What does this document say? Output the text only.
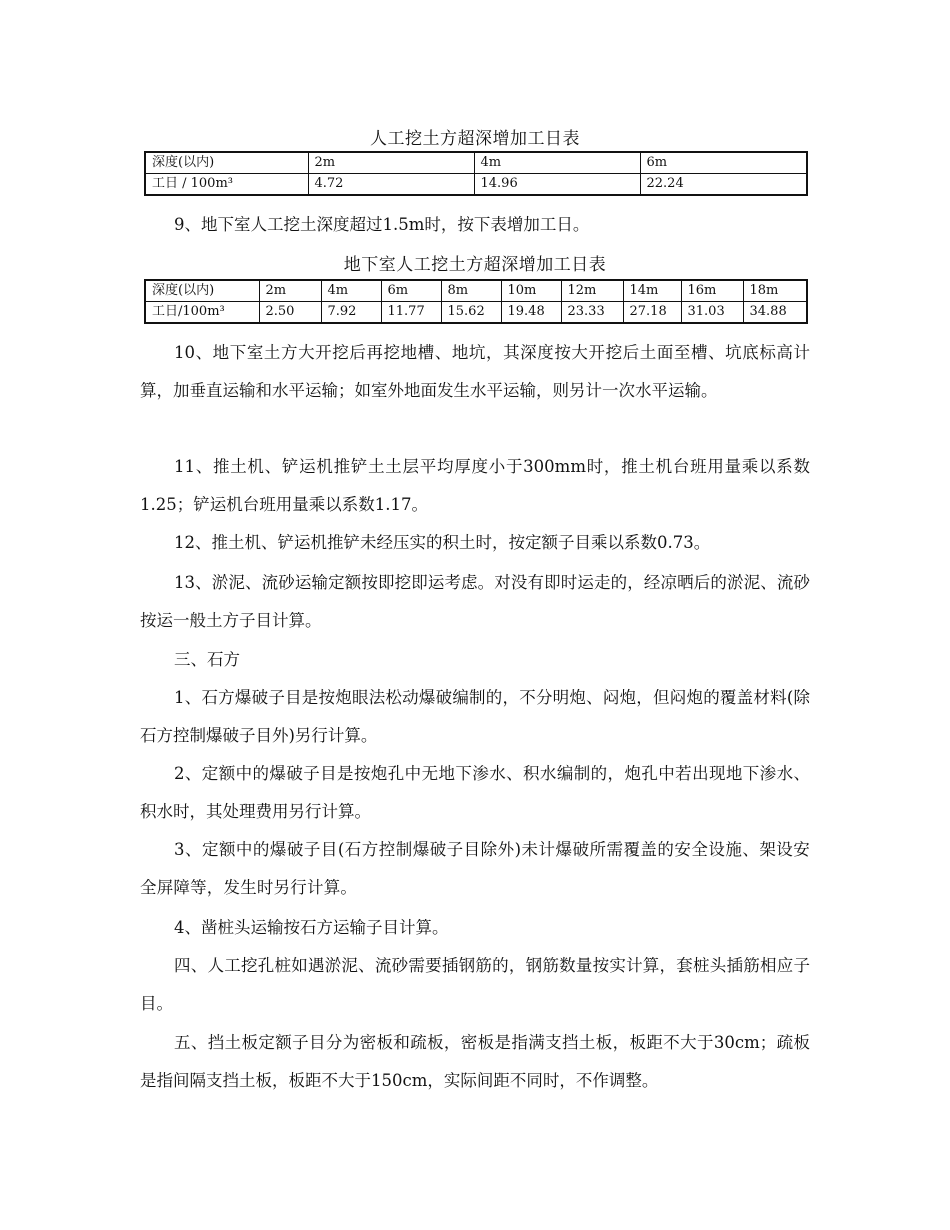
人工挖土方超深增加工日表
深度(以内)	2m	4m	6m
工日 / 100m³	4.72	14.96	22.24
9、地下室人工挖土深度超过1.5m时，按下表增加工日。
地下室人工挖土方超深增加工日表
深度(以内)	2m	4m	6m	8m	10m	12m	14m	16m	18m
工日/100m³	2.50	7.92	11.77	15.62	19.48	23.33	27.18	31.03	34.88
10、地下室土方大开挖后再挖地槽、地坑，其深度按大开挖后土面至槽、坑底标高计算，加垂直运输和水平运输；如室外地面发生水平运输，则另计一次水平运输。
11、推土机、铲运机推铲土土层平均厚度小于300mm时，推土机台班用量乘以系数1.25；铲运机台班用量乘以系数1.17。
12、推土机、铲运机推铲未经压实的积土时，按定额子目乘以系数0.73。
13、淤泥、流砂运输定额按即挖即运考虑。对没有即时运走的，经凉晒后的淤泥、流砂按运一般土方子目计算。
三、石方
1、石方爆破子目是按炮眼法松动爆破编制的，不分明炮、闷炮，但闷炮的覆盖材料(除石方控制爆破子目外)另行计算。
2、定额中的爆破子目是按炮孔中无地下渗水、积水编制的，炮孔中若出现地下渗水、积水时，其处理费用另行计算。
3、定额中的爆破子目(石方控制爆破子目除外)未计爆破所需覆盖的安全设施、架设安全屏障等，发生时另行计算。
4、凿桩头运输按石方运输子目计算。
四、人工挖孔桩如遇淤泥、流砂需要插钢筋的，钢筋数量按实计算，套桩头插筋相应子目。
五、挡土板定额子目分为密板和疏板，密板是指满支挡土板，板距不大于30cm；疏板是指间隔支挡土板，板距不大于150cm，实际间距不同时，不作调整。
